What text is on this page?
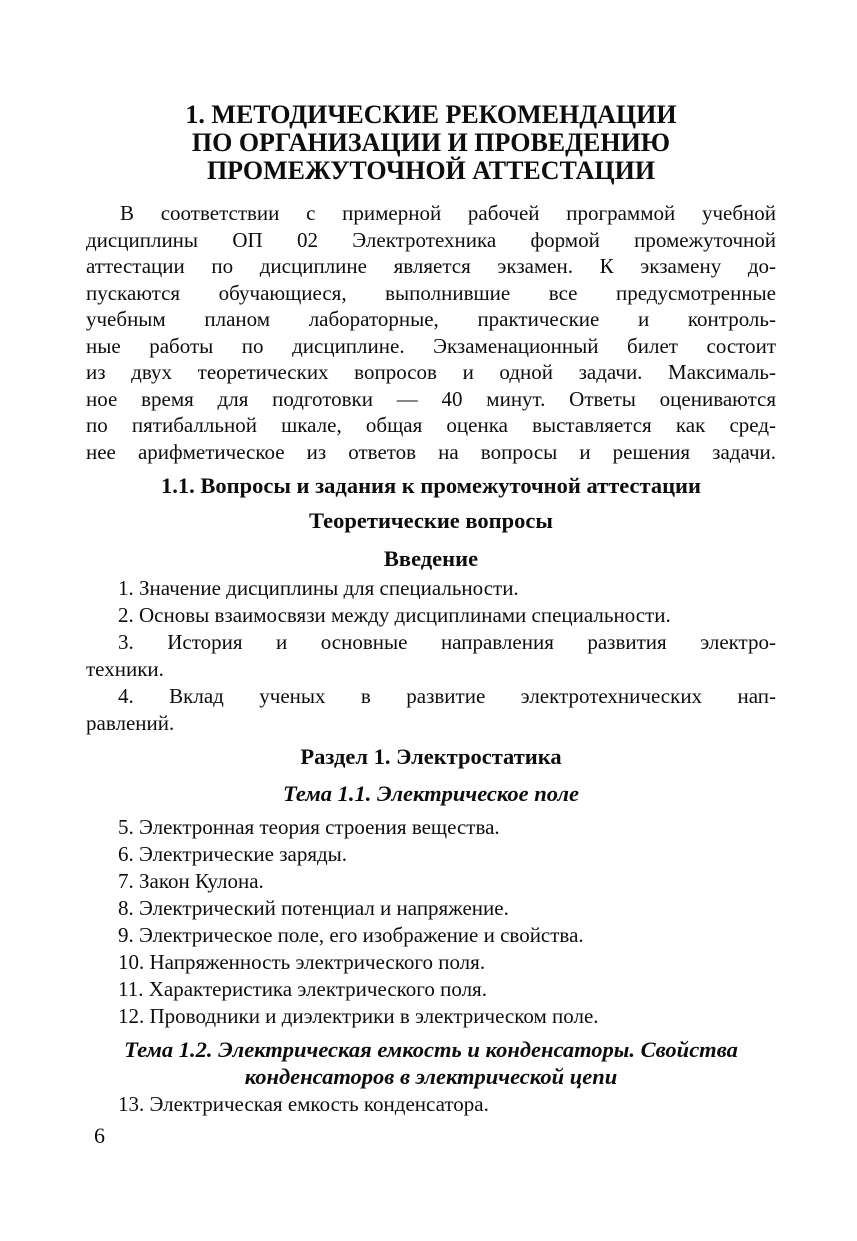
1. МЕТОДИЧЕСКИЕ РЕКОМЕНДАЦИИ
ПО ОРГАНИЗАЦИИ И ПРОВЕДЕНИЮ
ПРОМЕЖУТОЧНОЙ АТТЕСТАЦИИ
В соответствии с примерной рабочей программой учебной
дисциплины ОП 02 Электротехника формой промежуточной
аттестации по дисциплине является экзамен. К экзамену до-
пускаются обучающиеся, выполнившие все предусмотренные
учебным планом лабораторные, практические и контроль-
ные работы по дисциплине. Экзаменационный билет состоит
из двух теоретических вопросов и одной задачи. Максималь-
ное время для подготовки — 40 минут. Ответы оцениваются
по пятибалльной шкале, общая оценка выставляется как сред-
нее арифметическое из ответов на вопросы и решения задачи.
1.1. Вопросы и задания к промежуточной аттестации
Теоретические вопросы
Введение
1. Значение дисциплины для специальности.
2. Основы взаимосвязи между дисциплинами специальности.
3. История и основные направления развития электро-
техники.
4. Вклад ученых в развитие электротехнических нап-
равлений.
Раздел 1. Электростатика
Тема 1.1. Электрическое поле
5. Электронная теория строения вещества.
6. Электрические заряды.
7. Закон Кулона.
8. Электрический потенциал и напряжение.
9. Электрическое поле, его изображение и свойства.
10. Напряженность электрического поля.
11. Характеристика электрического поля.
12. Проводники и диэлектрики в электрическом поле.
Тема 1.2. Электрическая емкость и конденсаторы. Свойства
конденсаторов в электрической цепи
13. Электрическая емкость конденсатора.
6
